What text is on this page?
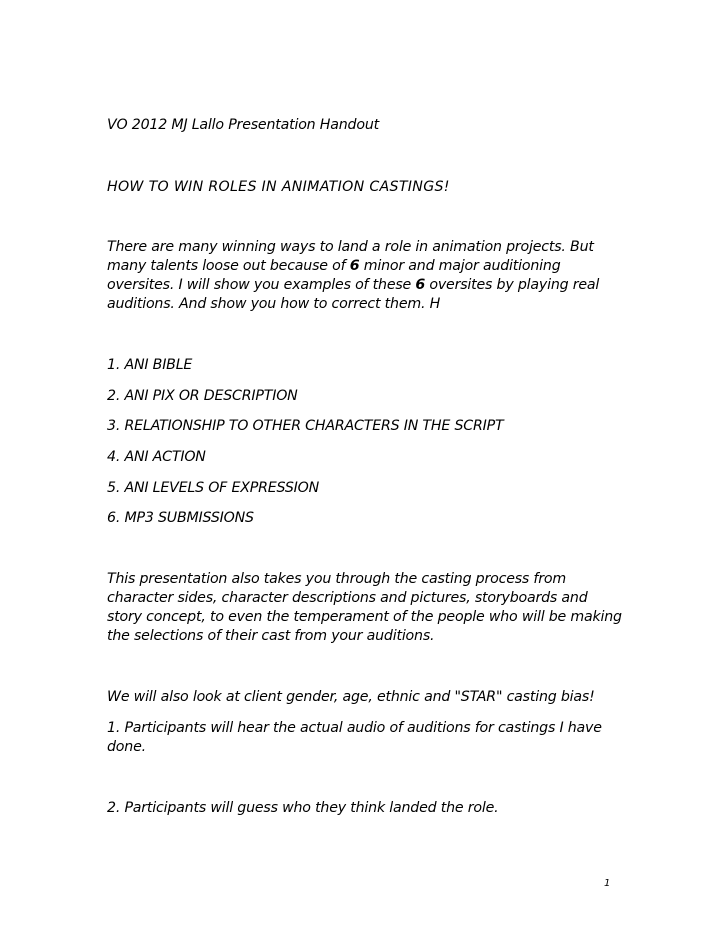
VO 2012 MJ Lallo Presentation Handout

HOW TO WIN ROLES IN ANIMATION CASTINGS!

There are many winning ways to land a role in animation projects. But

many talents loose out because of 6 minor and major auditioning

oversites. I will show you examples of these 6 oversites by playing real

auditions. And show you how to correct them. H

1. ANI BIBLE

2. ANI PIX OR DESCRIPTION

3. RELATIONSHIP TO OTHER CHARACTERS IN THE SCRIPT

4. ANI ACTION

5. ANI LEVELS OF EXPRESSION

6. MP3 SUBMISSIONS

This presentation also takes you through the casting process from

character sides, character descriptions and pictures, storyboards and

story concept, to even the temperament of the people who will be making

the selections of their cast from your auditions.

We will also look at client gender, age, ethnic and "STAR" casting bias!

1. Participants will hear the actual audio of auditions for castings I have

done.

2. Participants will guess who they think landed the role.

1
